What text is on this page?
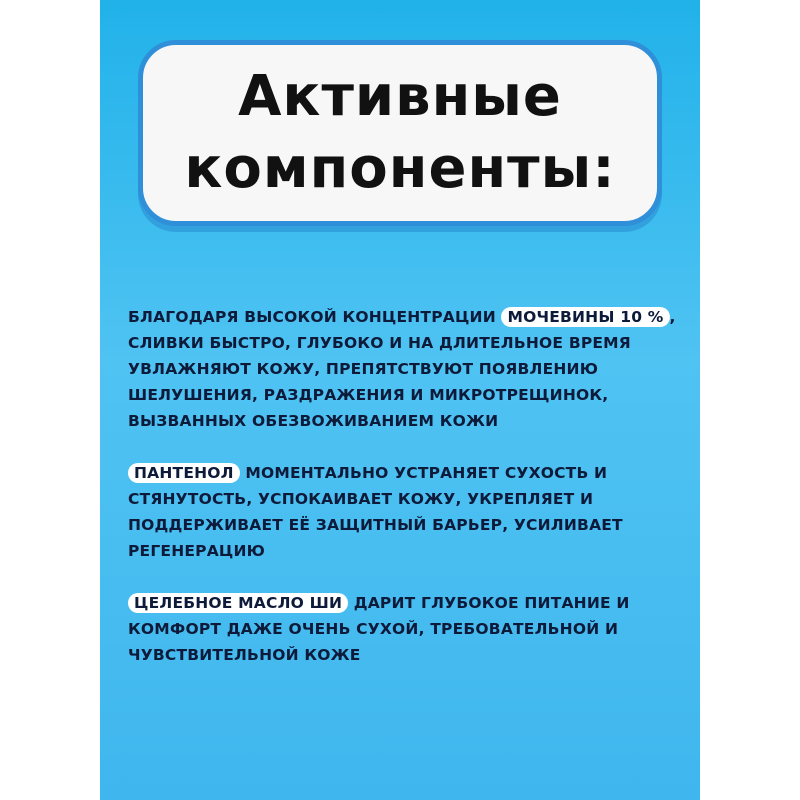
Активные
компоненты:

БЛАГОДАРЯ ВЫСОКОЙ КОНЦЕНТРАЦИИ МОЧЕВИНЫ 10 % , СЛИВКИ БЫСТРО, ГЛУБОКО И НА ДЛИТЕЛЬНОЕ ВРЕМЯ УВЛАЖНЯЮТ КОЖУ, ПРЕПЯТСТВУЮТ ПОЯВЛЕНИЮ ШЕЛУШЕНИЯ, РАЗДРАЖЕНИЯ И МИКРОТРЕЩИНОК, ВЫЗВАННЫХ ОБЕЗВОЖИВАНИЕМ КОЖИ

ПАНТЕНОЛ МОМЕНТАЛЬНО УСТРАНЯЕТ СУХОСТЬ И СТЯНУТОСТЬ, УСПОКАИВАЕТ КОЖУ, УКРЕПЛЯЕТ И ПОДДЕРЖИВАЕТ ЕЁ ЗАЩИТНЫЙ БАРЬЕР, УСИЛИВАЕТ РЕГЕНЕРАЦИЮ

ЦЕЛЕБНОЕ МАСЛО ШИ ДАРИТ ГЛУБОКОЕ ПИТАНИЕ И КОМФОРТ ДАЖЕ ОЧЕНЬ СУХОЙ, ТРЕБОВАТЕЛЬНОЙ И ЧУВСТВИТЕЛЬНОЙ КОЖЕ
